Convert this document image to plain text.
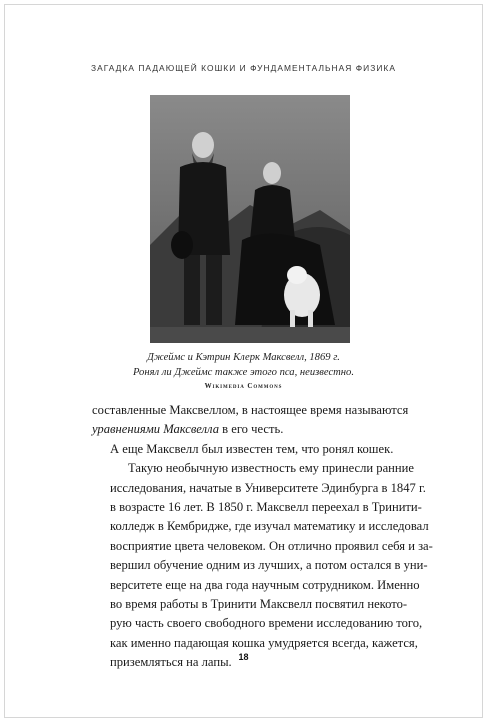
ЗАГАДКА ПАДАЮЩЕЙ КОШКИ И ФУНДАМЕНТАЛЬНАЯ ФИЗИКА
Джеймс и Кэтрин Клерк Максвелл, 1869 г.
Ронял ли Джеймс также этого пса, неизвестно.
Wikimedia Commons

составленные Максвеллом, в настоящее время называются
уравнениями Максвелла в его честь.

А еще Максвелл был известен тем, что ронял кошек.

Такую необычную известность ему принесли ранние
исследования, начатые в Университете Эдинбурга в 1847 г.
в возрасте 16 лет. В 1850 г. Максвелл переехал в Тринити-
колледж в Кембридже, где изучал математику и исследовал
восприятие цвета человеком. Он отлично проявил себя и за-
вершил обучение одним из лучших, а потом остался в уни-
верситете еще на два года научным сотрудником. Именно
во время работы в Тринити Максвелл посвятил некото-
рую часть своего свободного времени исследованию того,
как именно падающая кошка умудряется всегда, кажется,
приземляться на лапы. 18
